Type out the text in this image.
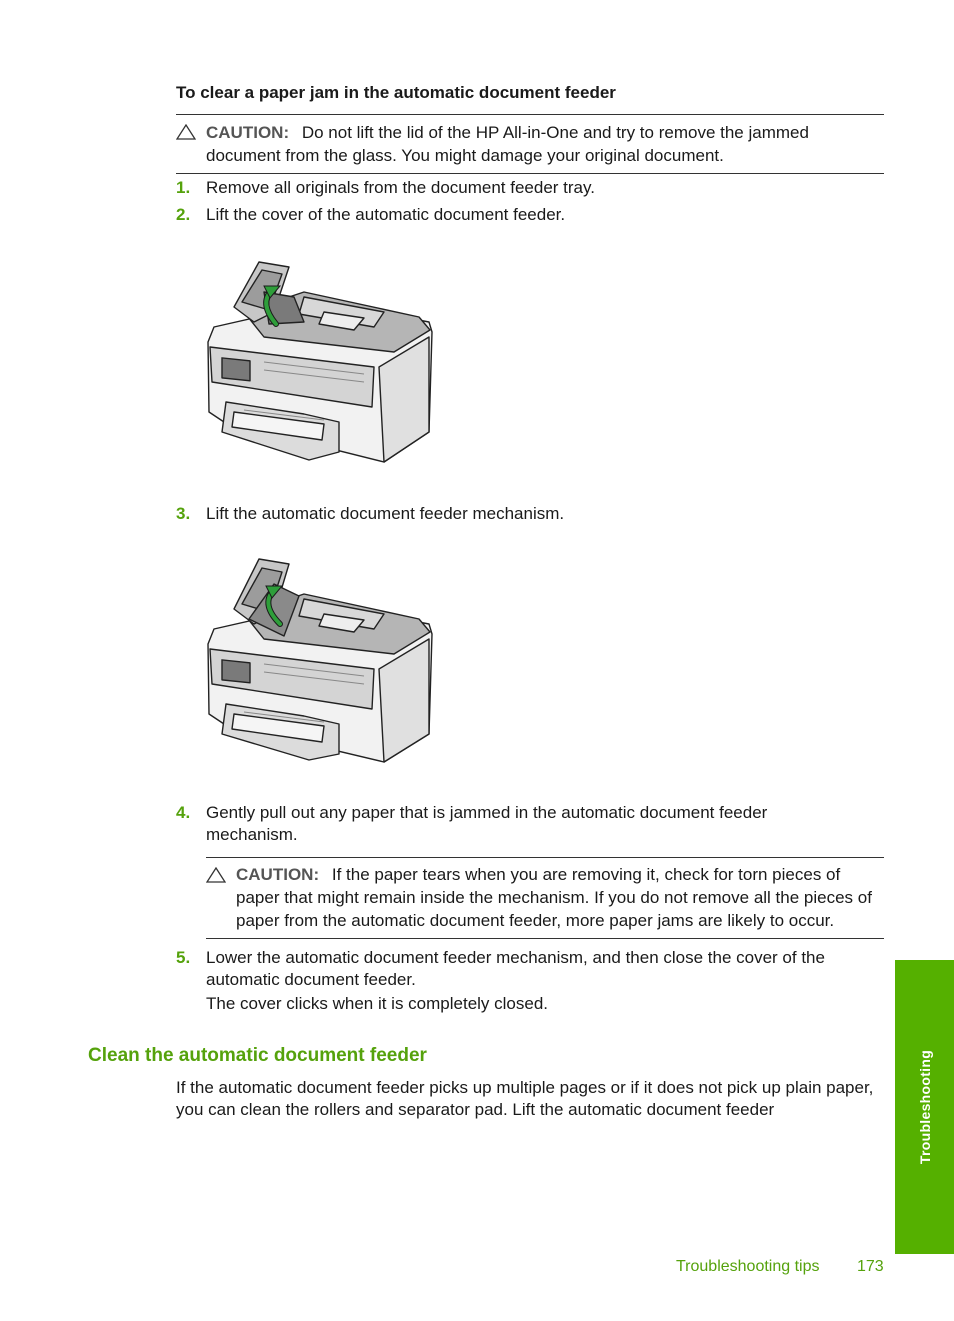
To clear a paper jam in the automatic document feeder
CAUTION: Do not lift the lid of the HP All-in-One and try to remove the jammed document from the glass. You might damage your original document.
1. Remove all originals from the document feeder tray.
2. Lift the cover of the automatic document feeder.
3. Lift the automatic document feeder mechanism.
4. Gently pull out any paper that is jammed in the automatic document feeder mechanism.
CAUTION: If the paper tears when you are removing it, check for torn pieces of paper that might remain inside the mechanism. If you do not remove all the pieces of paper from the automatic document feeder, more paper jams are likely to occur.
5. Lower the automatic document feeder mechanism, and then close the cover of the automatic document feeder.
The cover clicks when it is completely closed.
Clean the automatic document feeder
If the automatic document feeder picks up multiple pages or if it does not pick up plain paper, you can clean the rollers and separator pad. Lift the automatic document feeder	Troubleshooting
Troubleshooting tips 173
